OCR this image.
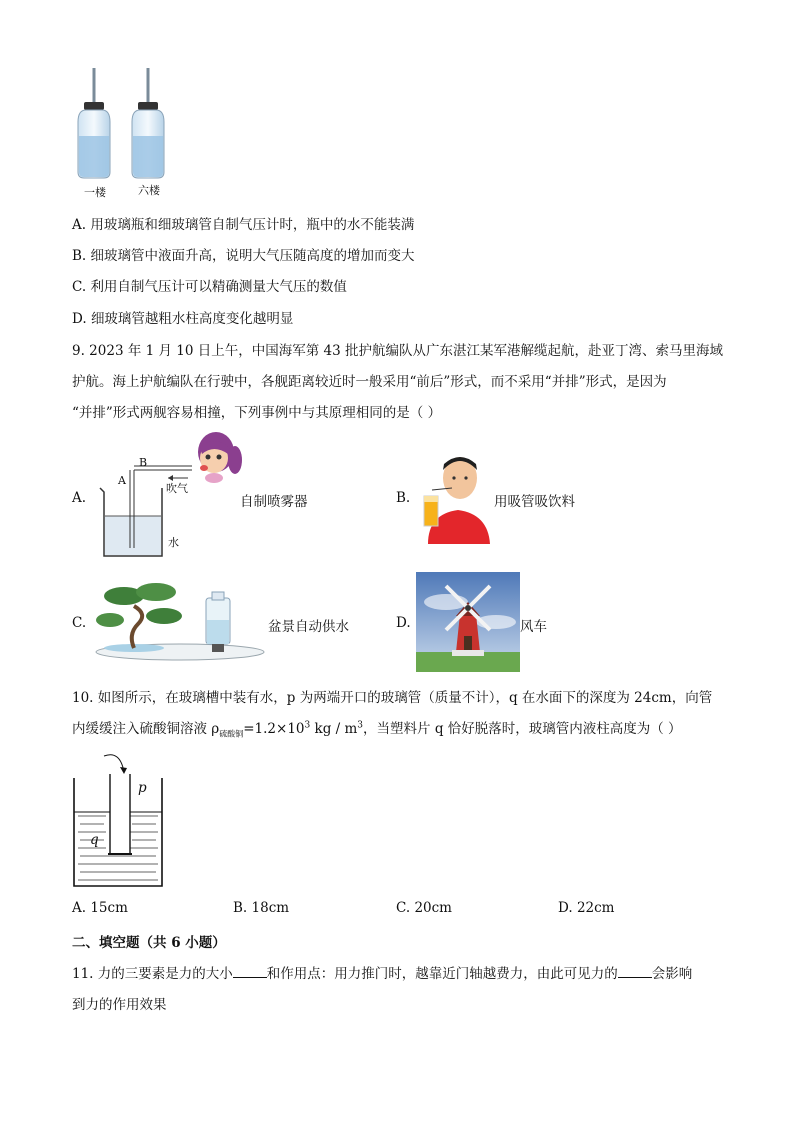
一楼	六楼
A. 用玻璃瓶和细玻璃管自制气压计时，瓶中的水不能装满
B. 细玻璃管中液面升高，说明大气压随高度的增加而变大
C. 利用自制气压计可以精确测量大气压的数值
D. 细玻璃管越粗水柱高度变化越明显
9. 2023 年 1 月 10 日上午，中国海军第 43 批护航编队从广东湛江某军港解缆起航，赴亚丁湾、索马里海域
护航。海上护航编队在行驶中，各舰距离较近时一般采用“前后”形式，而不采用“并排”形式，是因为
“并排”形式两舰容易相撞，下列事例中与其原理相同的是（ ）
A.
A
B
吹气
水
自制喷雾器	B.	用吸管吸饮料
C.	盆景自动供水	D.	风车
10. 如图所示，在玻璃槽中装有水，p 为两端开口的玻璃管（质量不计），q 在水面下的深度为 24cm，向管
内缓缓注入硫酸铜溶液 $\rho_{硫酸铜}=1.2\times 10^3$ kg / $m^3$，当塑料片 q 恰好脱落时，玻璃管内液柱高度为（ ）
p
q
A. 15cm	B. 18cm	C. 20cm	D. 22cm
二、填空题（共 6 小题）
11. 力的三要素是力的大小	和作用点：用力推门时，越靠近门轴越费力，由此可见力的	会影响
到力的作用效果
